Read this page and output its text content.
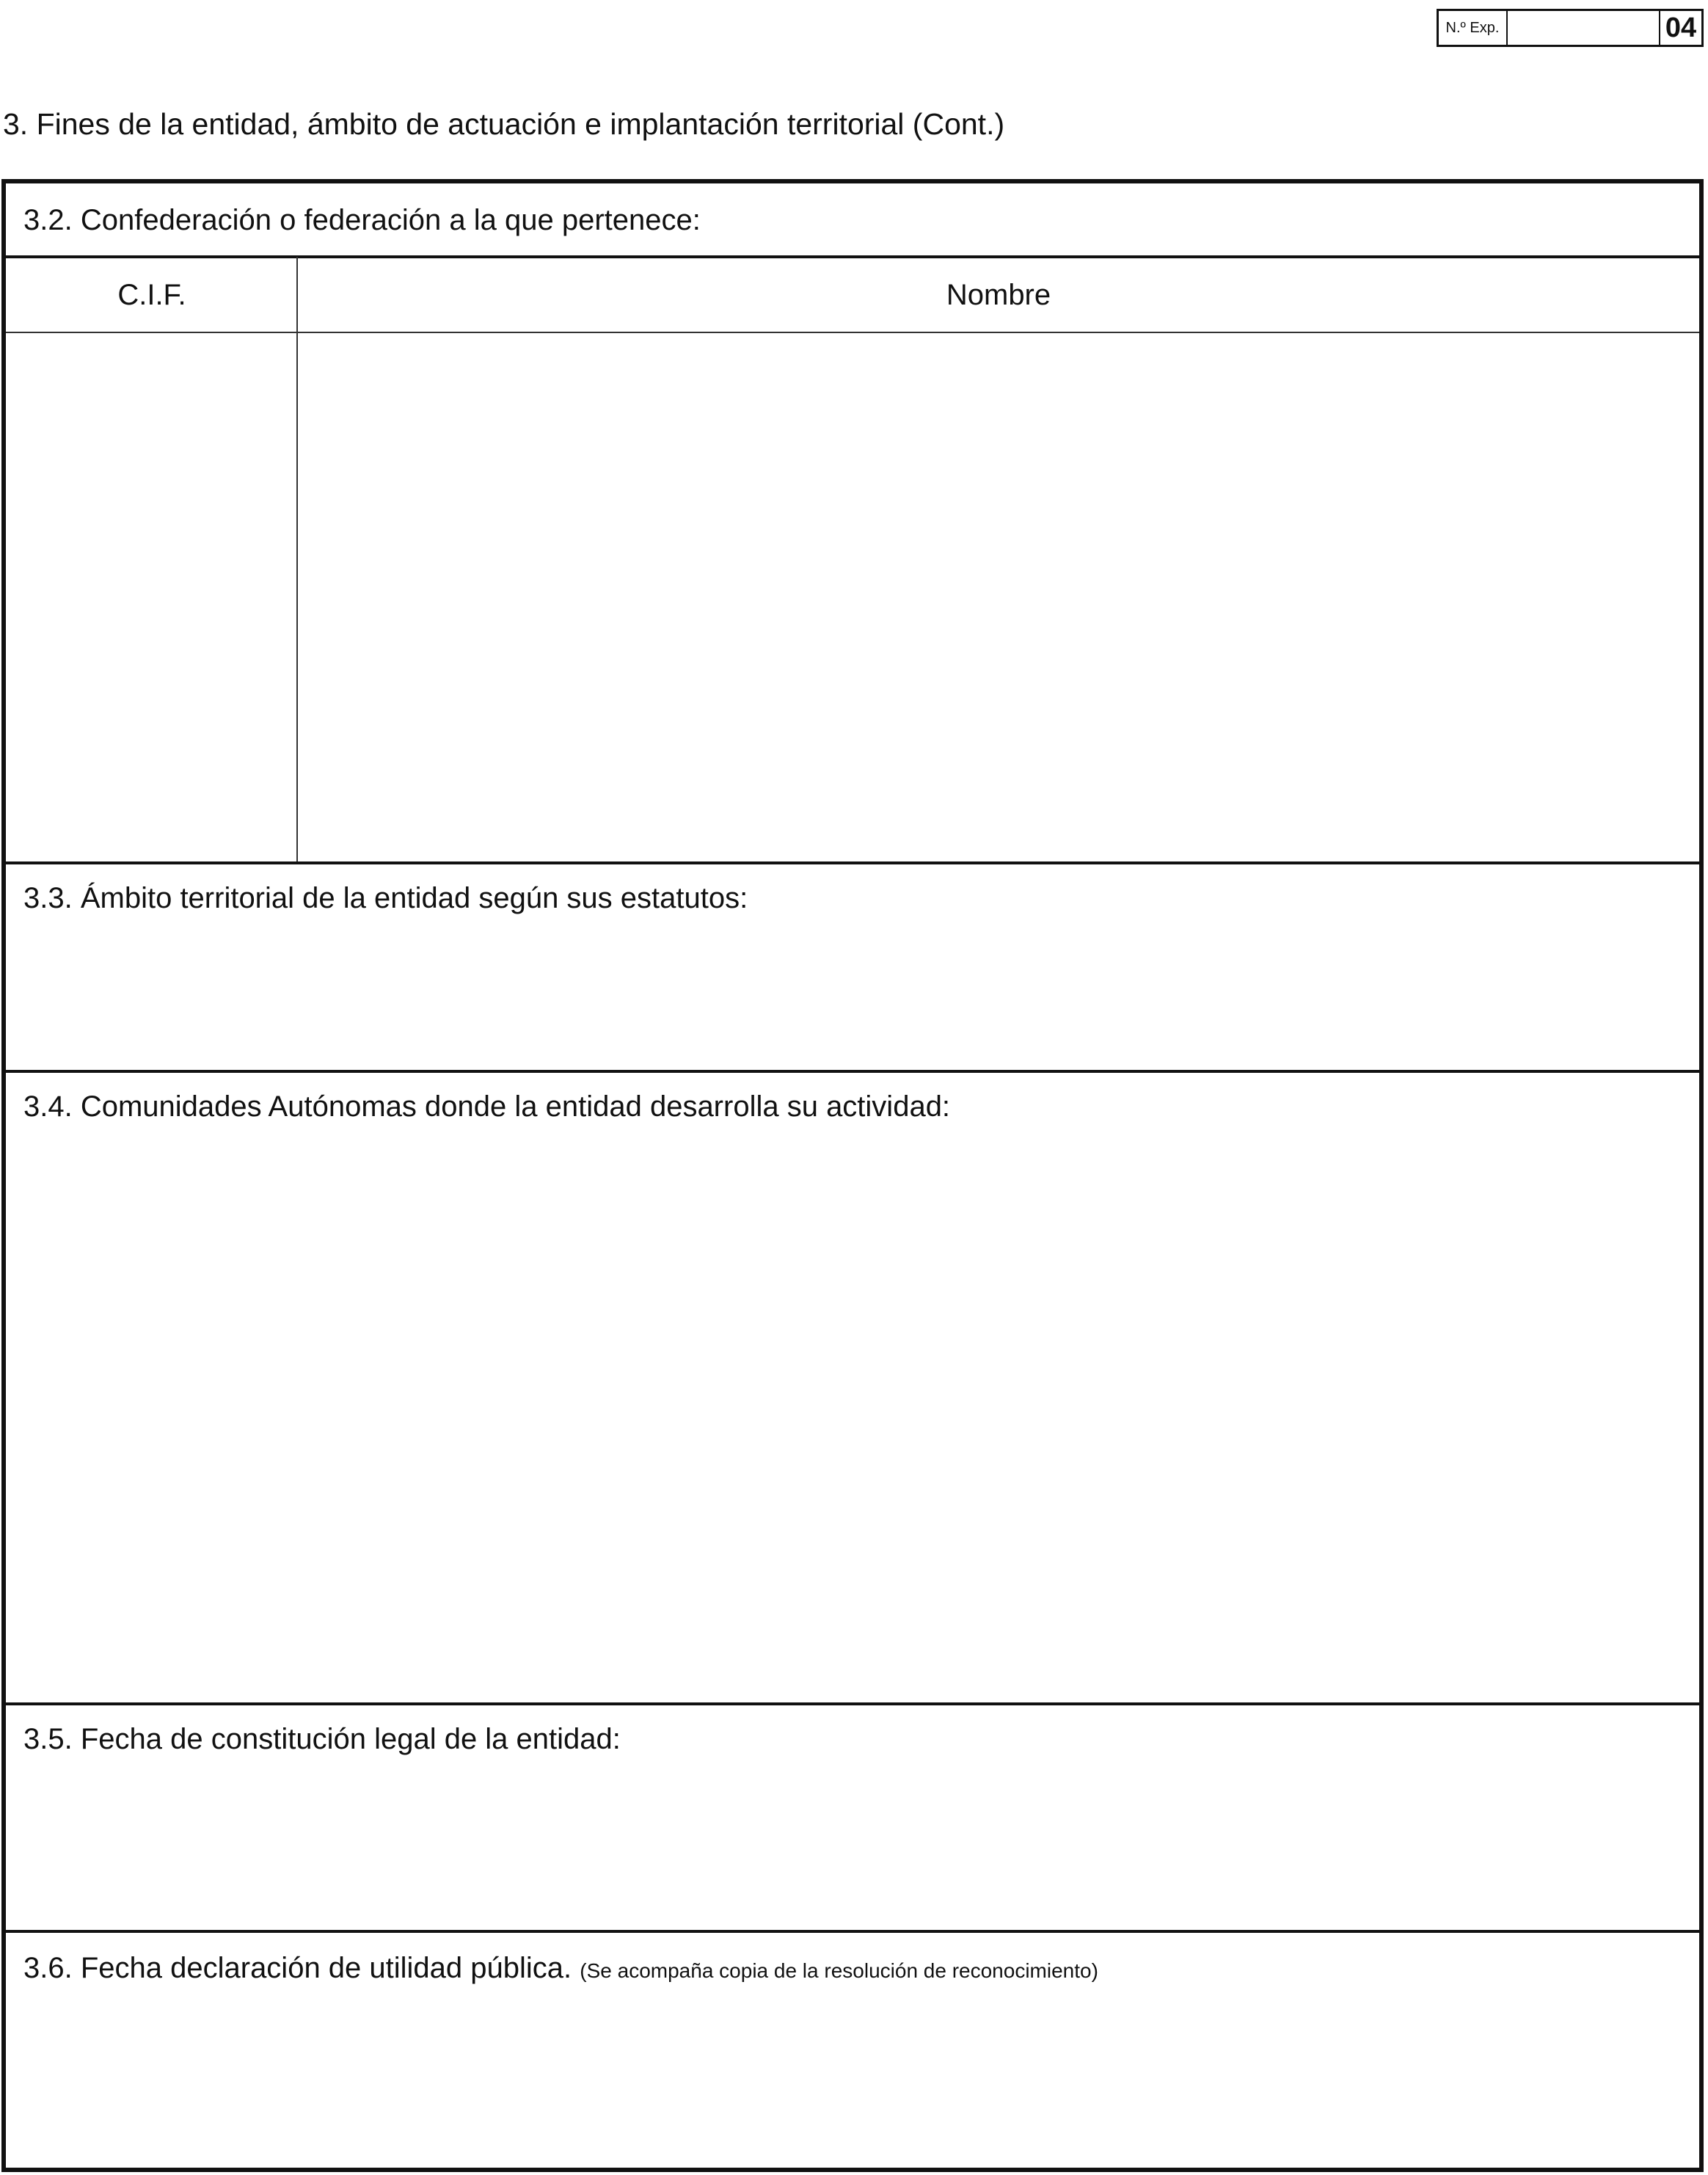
N.º Exp.	04
3. Fines de la entidad, ámbito de actuación e implantación territorial (Cont.)
3.2. Confederación o federación a la que pertenece:
C.I.F.	Nombre
3.3. Ámbito territorial de la entidad según sus estatutos:
3.4. Comunidades Autónomas donde la entidad desarrolla su actividad:
3.5. Fecha de constitución legal de la entidad:
3.6. Fecha declaración de utilidad pública. (Se acompaña copia de la resolución de reconocimiento)
